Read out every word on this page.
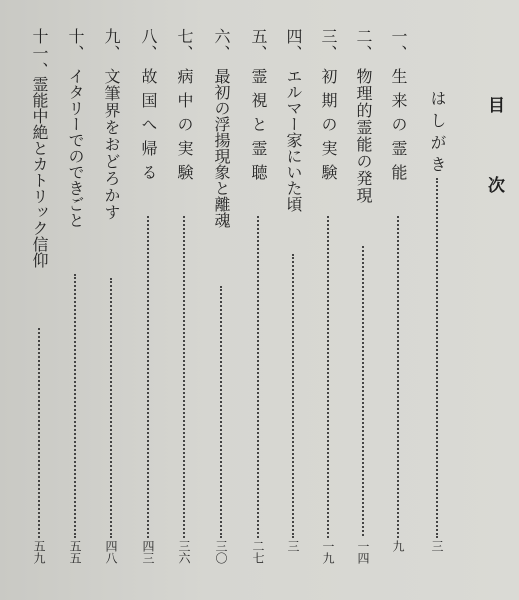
目
次
はしがき
三
一、
生来の霊能
九
二、
物理的霊能の発現
一四
三、
初期の実験
一九
四、
エルマー家にいた頃
三
五、
霊視と霊聴
二七
六、
最初の浮揚現象と離魂
三〇
七、
病中の実験
三六
八、
故国へ帰る
四三
九、
文筆界をおどろかす
四八
十、
イタリーでのできごと
五五
十一、
霊能中絶とカトリック信仰
五九
